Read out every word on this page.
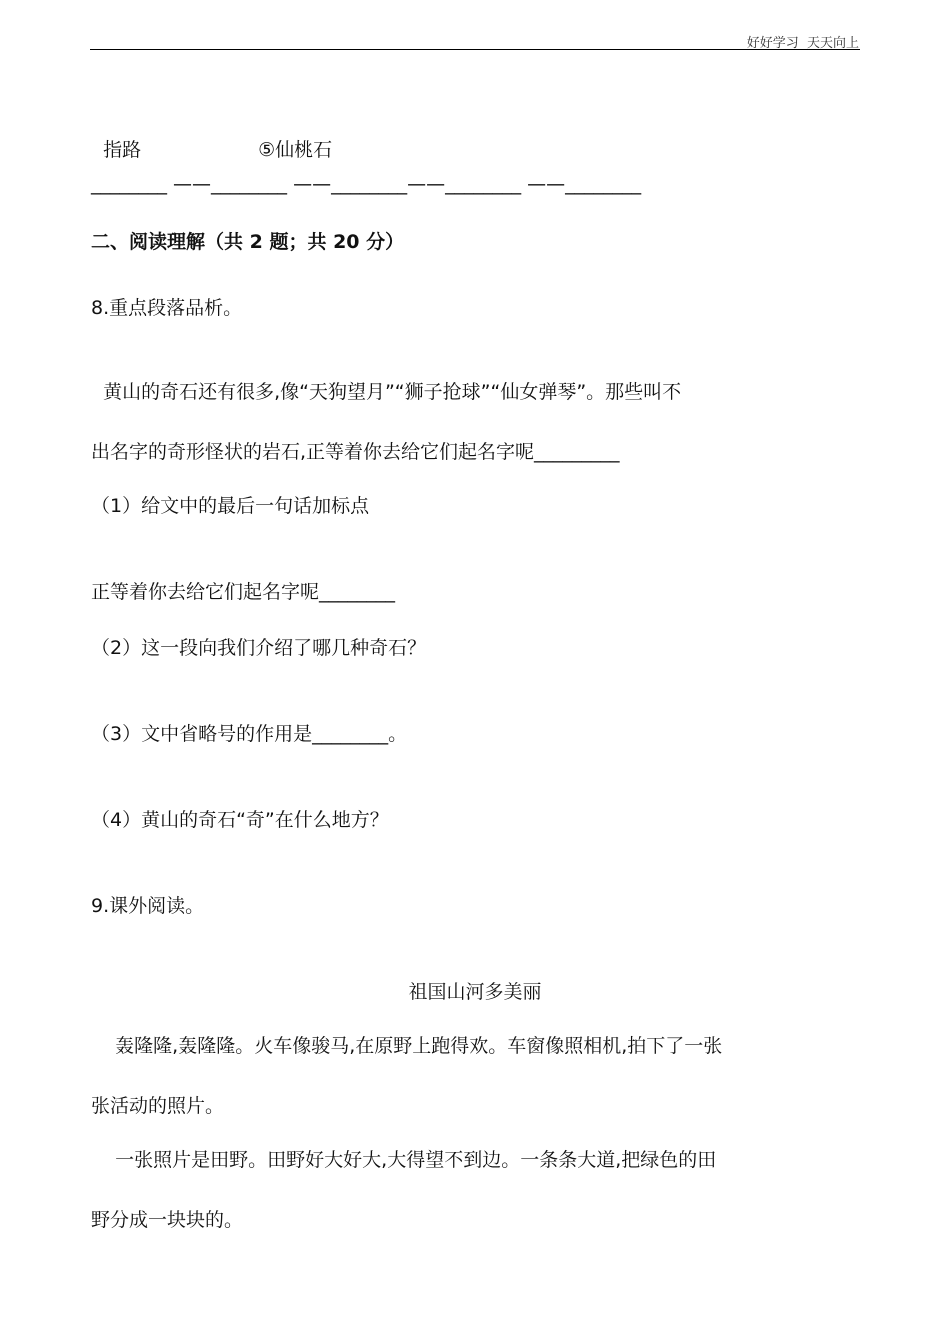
好好学习  天天向上

指路	⑤仙桃石

________ ——________ ——________——________ ——________
二、阅读理解（共 2 题；共 20 分）
8.重点段落品析。
黄山的奇石还有很多,像“天狗望月”“狮子抢球”“仙女弹琴”。那些叫不
出名字的奇形怪状的岩石,正等着你去给它们起名字呢_________
（1）给文中的最后一句话加标点
正等着你去给它们起名字呢________
（2）这一段向我们介绍了哪几种奇石？
（3）文中省略号的作用是________。
（4）黄山的奇石“奇”在什么地方？
9.课外阅读。
祖国山河多美丽
轰隆隆,轰隆隆。火车像骏马,在原野上跑得欢。车窗像照相机,拍下了一张
张活动的照片。
一张照片是田野。田野好大好大,大得望不到边。一条条大道,把绿色的田
野分成一块块的。
